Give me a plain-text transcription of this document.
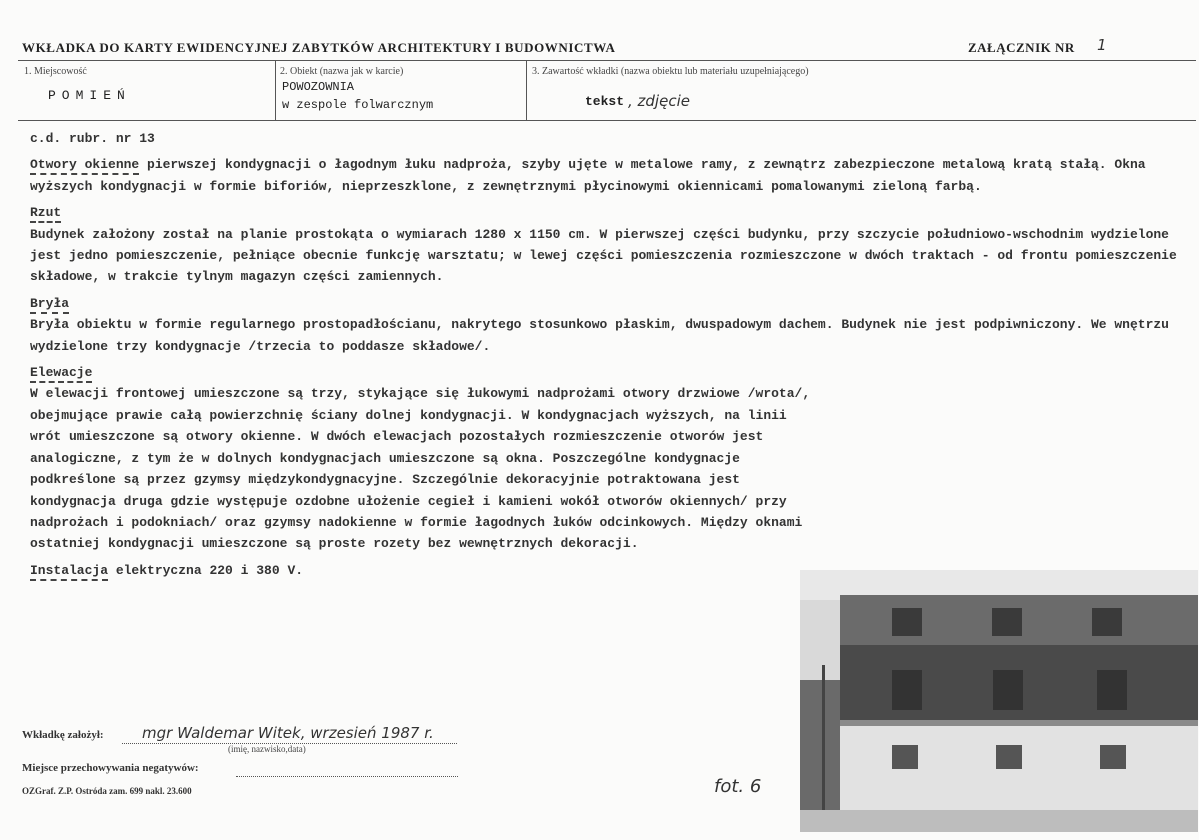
WKŁADKA DO KARTY EWIDENCYJNEJ ZABYTKÓW ARCHITEKTURY I BUDOWNICTWA	ZAŁĄCZNIK NR 1
1. Miejscowość
POMIEŃ
2. Obiekt (nazwa jak w karcie)
POWOZOWNIA
w zespole folwarcznym
3. Zawartość wkładki (nazwa obiektu lub materiału uzupełniającego)
tekst , zdjęcie

c.d. rubr. nr 13

Otwory okienne pierwszej kondygnacji o łagodnym łuku nadproża, szyby ujęte w metalowe ramy, z zewnątrz zabezpieczone metalową kratą stałą. Okna wyższych kondygnacji w formie biforiów, nieprzeszklone, z zewnętrznymi płycinowymi okiennicami pomalowanymi zieloną farbą.

Rzut

Budynek założony został na planie prostokąta o wymiarach 1280 x 1150 cm. W pierwszej części budynku, przy szczycie południowo-wschodnim wydzielone jest jedno pomieszczenie, pełniące obecnie funkcję warsztatu; w lewej części pomieszczenia rozmieszczone w dwóch traktach - od frontu pomieszczenie składowe, w trakcie tylnym magazyn części zamiennych.

Bryła

Bryła obiektu w formie regularnego prostopadłościanu, nakrytego stosunkowo płaskim, dwuspadowym dachem. Budynek nie jest podpiwniczony. We wnętrzu wydzielone trzy kondygnacje /trzecia to poddasze składowe/.

Elewacje

W elewacji frontowej umieszczone są trzy, stykające się łukowymi nadprożami otwory drzwiowe /wrota/, obejmujące prawie całą powierzchnię ściany dolnej kondygnacji. W kondygnacjach wyższych, na linii wrót umieszczone są otwory okienne. W dwóch elewacjach pozostałych rozmieszczenie otworów jest analogiczne, z tym że w dolnych kondygnacjach umieszczone są okna. Poszczególne kondygnacje podkreślone są przez gzymsy międzykondygnacyjne. Szczególnie dekoracyjnie potraktowana jest kondygnacja druga gdzie występuje ozdobne ułożenie cegieł i kamieni wokół otworów okiennych/ przy nadprożach i podokniach/ oraz gzymsy nadokienne w formie łagodnych łuków odcinkowych. Między oknami ostatniej kondygnacji umieszczone są proste rozety bez wewnętrznych dekoracji.

Instalacja elektryczna 220 i 380 V.

Wkładkę założył:	mgr Waldemar Witek, wrzesień 1987 r.
(imię, nazwisko,data)
Miejsce przechowywania negatywów:
OZGraf. Z.P. Ostróda zam. 699 nakl. 23.600	fot. 6
